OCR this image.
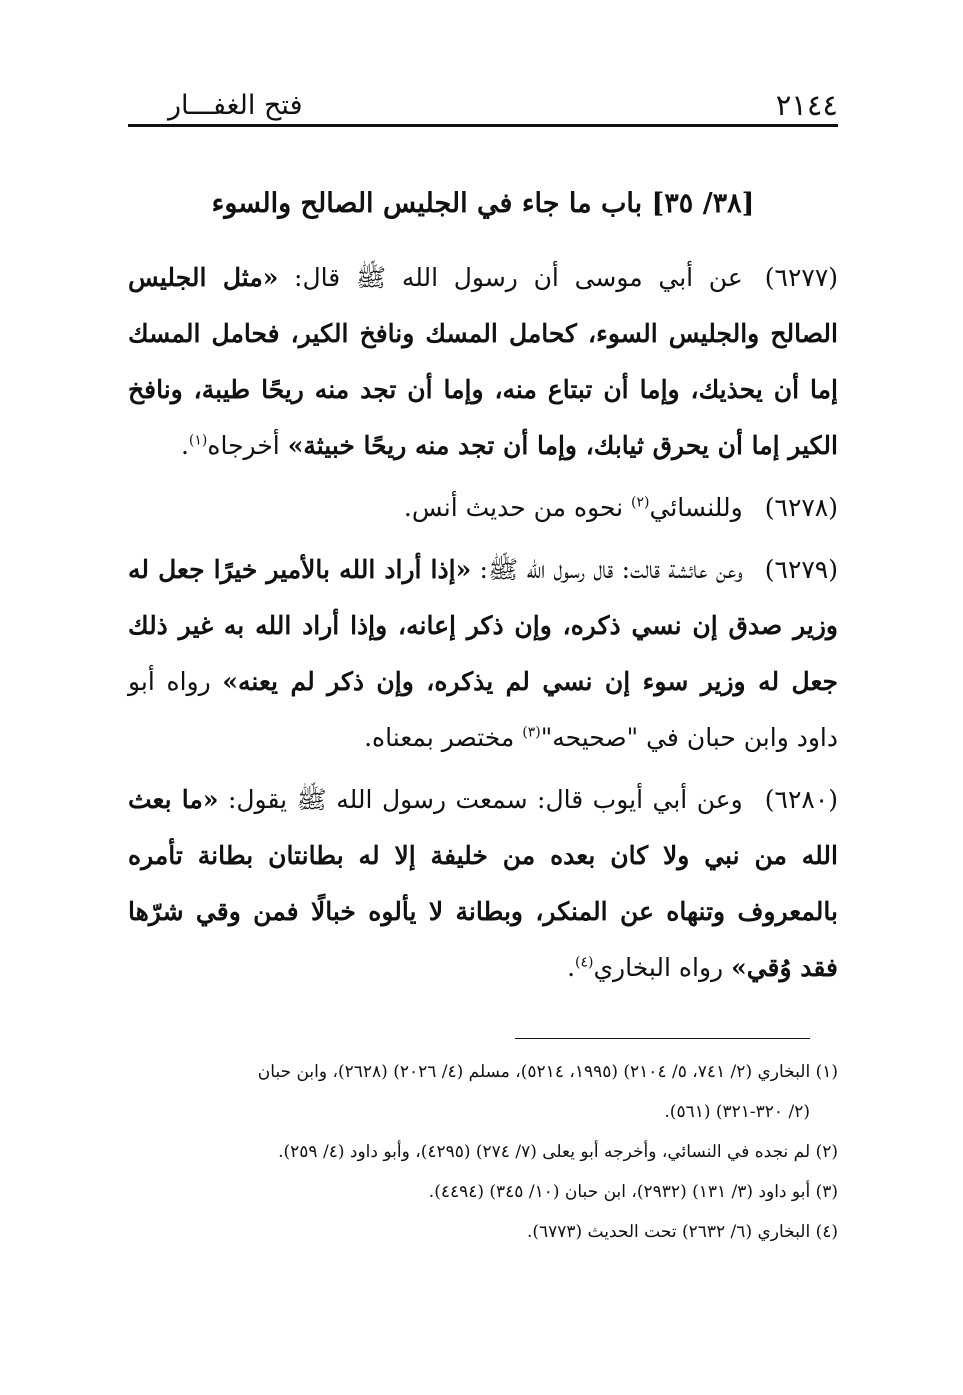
٢١٤٤
فتح الغفـــار
[٣٨/ ٣٥] باب ما جاء في الجليس الصالح والسوء

(٦٢٧٧)عن أبي موسى أن رسول الله ﷺ قال: «مثل الجليس الصالح والجليس السوء، كحامل المسك ونافخ الكير، فحامل المسك إما أن يحذيك، وإما أن تبتاع منه، وإما أن تجد منه ريحًا طيبة، ونافخ الكير إما أن يحرق ثيابك، وإما أن تجد منه ريحًا خبيثة» أخرجاه$^{(١)}$.

(٦٢٧٨)وللنسائي$^{(٢)}$ نحوه من حديث أنس.

(٦٢٧٩)وعن عائشة قالت: قال رسول الله ﷺ: «إذا أراد الله بالأمير خيرًا جعل له وزير صدق إن نسي ذكره، وإن ذكر إعانه، وإذا أراد الله به غير ذلك جعل له وزير سوء إن نسي لم يذكره، وإن ذكر لم يعنه» رواه أبو داود وابن حبان في "صحيحه"$^{(٣)}$ مختصر بمعناه.

(٦٢٨٠)وعن أبي أيوب قال: سمعت رسول الله ﷺ يقول: «ما بعث الله من نبي ولا كان بعده من خليفة إلا له بطانتان بطانة تأمره بالمعروف وتنهاه عن المنكر، وبطانة لا يألوه خبالًا فمن وقي شرّها فقد وُقي» رواه البخاري$^{(٤)}$.

(١) البخاري (٢/ ٧٤١، ٥/ ٢١٠٤) (١٩٩٥، ٥٢١٤)، مسلم (٤/ ٢٠٢٦) (٢٦٢٨)، وابن حبان

(٢/ ٣٢٠-٣٢١) (٥٦١).

(٢) لم نجده في النسائي، وأخرجه أبو يعلى (٧/ ٢٧٤) (٤٢٩٥)، وأبو داود (٤/ ٢٥٩).

(٣) أبو داود (٣/ ١٣١) (٢٩٣٢)، ابن حبان (١٠/ ٣٤٥) (٤٤٩٤).

(٤) البخاري (٦/ ٢٦٣٢) تحت الحديث (٦٧٧٣).
